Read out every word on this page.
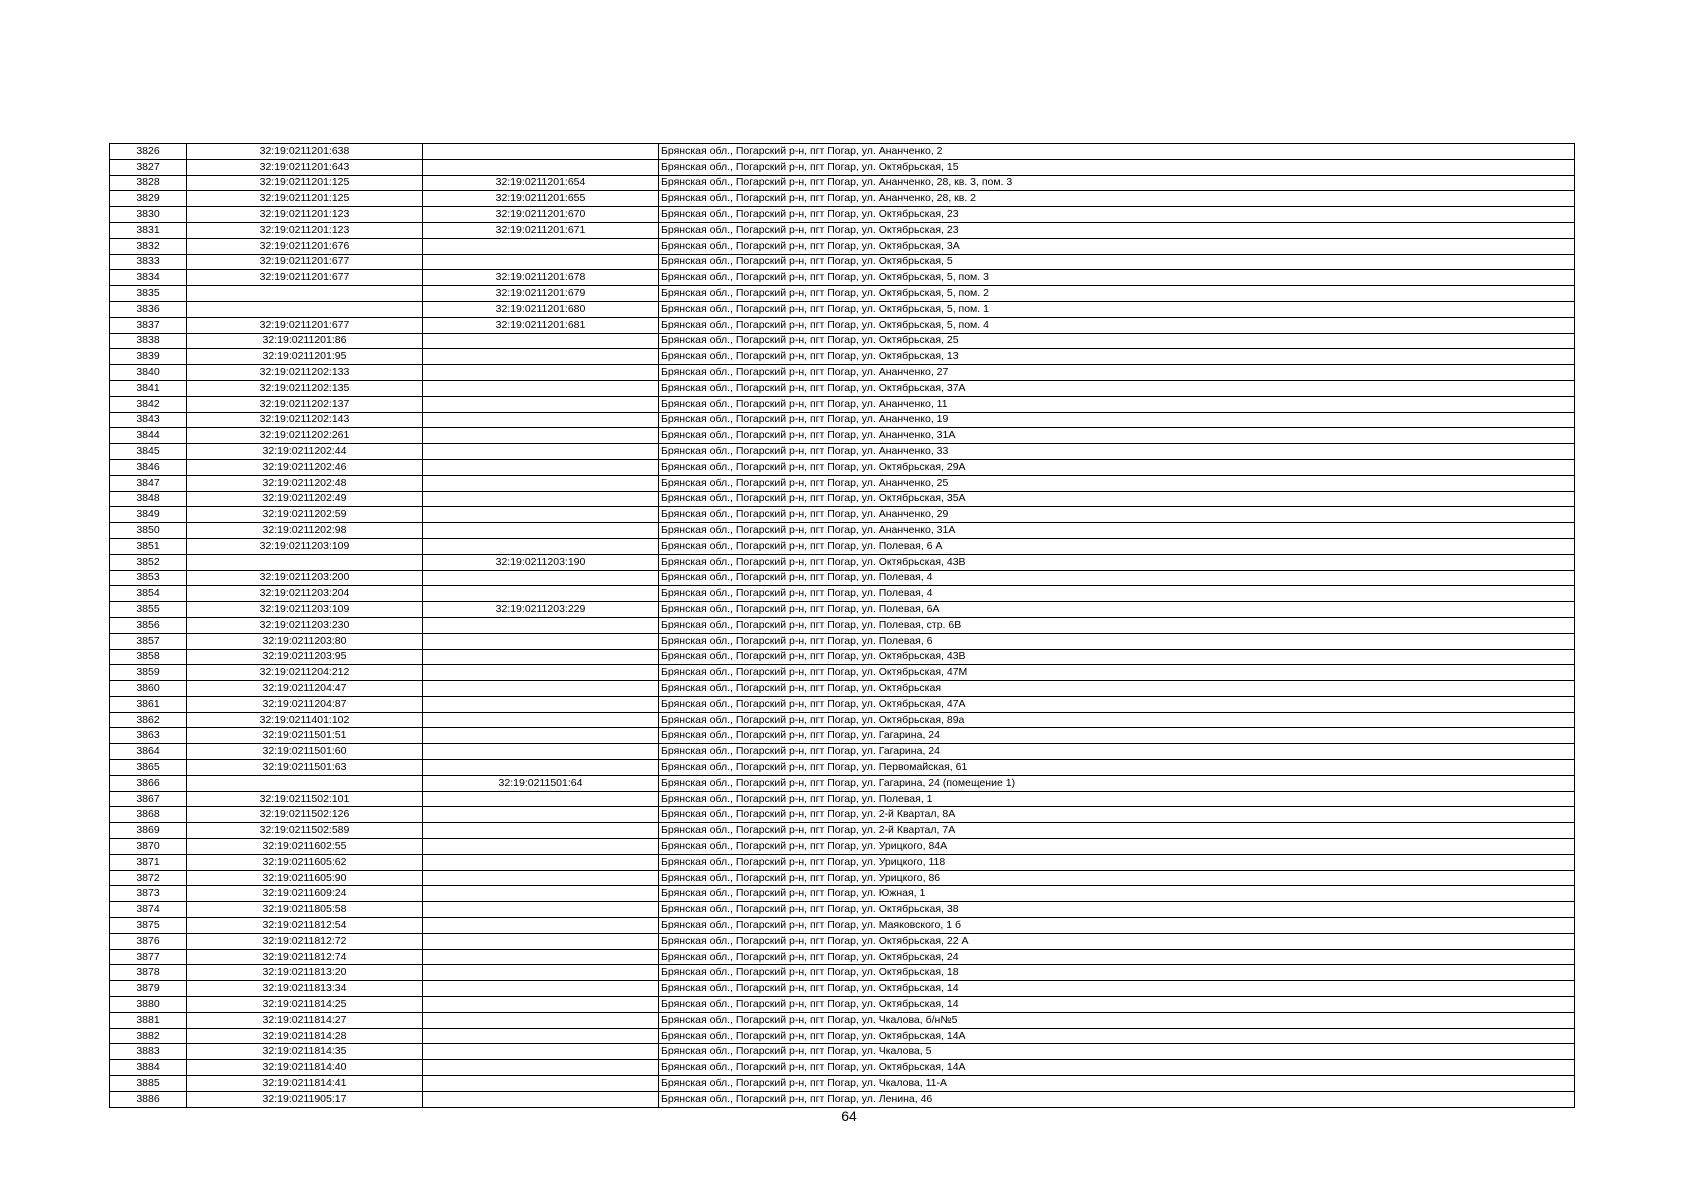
3826	32:19:0211201:638		Брянская обл., Погарский р-н, пгт Погар, ул. Ананченко, 2
3827	32:19:0211201:643		Брянская обл., Погарский р-н, пгт Погар, ул. Октябрьская, 15
3828	32:19:0211201:125	32:19:0211201:654	Брянская обл., Погарский р-н, пгт Погар, ул. Ананченко, 28, кв. 3, пом. 3
3829	32:19:0211201:125	32:19:0211201:655	Брянская обл., Погарский р-н, пгт Погар, ул. Ананченко, 28, кв. 2
3830	32:19:0211201:123	32:19:0211201:670	Брянская обл., Погарский р-н, пгт Погар, ул. Октябрьская, 23
3831	32:19:0211201:123	32:19:0211201:671	Брянская обл., Погарский р-н, пгт Погар, ул. Октябрьская, 23
3832	32:19:0211201:676		Брянская обл., Погарский р-н, пгт Погар, ул. Октябрьская, 3А
3833	32:19:0211201:677		Брянская обл., Погарский р-н, пгт Погар, ул. Октябрьская, 5
3834	32:19:0211201:677	32:19:0211201:678	Брянская обл., Погарский р-н, пгт Погар, ул. Октябрьская, 5, пом. 3
3835		32:19:0211201:679	Брянская обл., Погарский р-н, пгт Погар, ул. Октябрьская, 5, пом. 2
3836		32:19:0211201:680	Брянская обл., Погарский р-н, пгт Погар, ул. Октябрьская, 5, пом. 1
3837	32:19:0211201:677	32:19:0211201:681	Брянская обл., Погарский р-н, пгт Погар, ул. Октябрьская, 5, пом. 4
3838	32:19:0211201:86		Брянская обл., Погарский р-н, пгт Погар, ул. Октябрьская, 25
3839	32:19:0211201:95		Брянская обл., Погарский р-н, пгт Погар, ул. Октябрьская, 13
3840	32:19:0211202:133		Брянская обл., Погарский р-н, пгт Погар, ул. Ананченко, 27
3841	32:19:0211202:135		Брянская обл., Погарский р-н, пгт Погар, ул. Октябрьская, 37А
3842	32:19:0211202:137		Брянская обл., Погарский р-н, пгт Погар, ул. Ананченко, 11
3843	32:19:0211202:143		Брянская обл., Погарский р-н, пгт Погар, ул. Ананченко, 19
3844	32:19:0211202:261		Брянская обл., Погарский р-н, пгт Погар, ул. Ананченко, 31А
3845	32:19:0211202:44		Брянская обл., Погарский р-н, пгт Погар, ул. Ананченко, 33
3846	32:19:0211202:46		Брянская обл., Погарский р-н, пгт Погар, ул. Октябрьская, 29А
3847	32:19:0211202:48		Брянская обл., Погарский р-н, пгт Погар, ул. Ананченко, 25
3848	32:19:0211202:49		Брянская обл., Погарский р-н, пгт Погар, ул. Октябрьская, 35А
3849	32:19:0211202:59		Брянская обл., Погарский р-н, пгт Погар, ул. Ананченко, 29
3850	32:19:0211202:98		Брянская обл., Погарский р-н, пгт Погар, ул. Ананченко, 31А
3851	32:19:0211203:109		Брянская обл., Погарский р-н, пгт Погар, ул. Полевая, 6 А
3852		32:19:0211203:190	Брянская обл., Погарский р-н, пгт Погар, ул. Октябрьская, 43В
3853	32:19:0211203:200		Брянская обл., Погарский р-н, пгт Погар, ул. Полевая, 4
3854	32:19:0211203:204		Брянская обл., Погарский р-н, пгт Погар, ул. Полевая, 4
3855	32:19:0211203:109	32:19:0211203:229	Брянская обл., Погарский р-н, пгт Погар, ул. Полевая, 6А
3856	32:19:0211203:230		Брянская обл., Погарский р-н, пгт Погар, ул. Полевая, стр. 6В
3857	32:19:0211203:80		Брянская обл., Погарский р-н, пгт Погар, ул. Полевая, 6
3858	32:19:0211203:95		Брянская обл., Погарский р-н, пгт Погар, ул. Октябрьская, 43В
3859	32:19:0211204:212		Брянская обл., Погарский р-н, пгт Погар, ул. Октябрьская, 47М
3860	32:19:0211204:47		Брянская обл., Погарский р-н, пгт Погар, ул. Октябрьская
3861	32:19:0211204:87		Брянская обл., Погарский р-н, пгт Погар, ул. Октябрьская, 47А
3862	32:19:0211401:102		Брянская обл., Погарский р-н, пгт Погар, ул. Октябрьская, 89а
3863	32:19:0211501:51		Брянская обл., Погарский р-н, пгт Погар, ул. Гагарина, 24
3864	32:19:0211501:60		Брянская обл., Погарский р-н, пгт Погар, ул. Гагарина, 24
3865	32:19:0211501:63		Брянская обл., Погарский р-н, пгт Погар, ул. Первомайская, 61
3866		32:19:0211501:64	Брянская обл., Погарский р-н, пгт Погар, ул. Гагарина, 24 (помещение 1)
3867	32:19:0211502:101		Брянская обл., Погарский р-н, пгт Погар, ул. Полевая, 1
3868	32:19:0211502:126		Брянская обл., Погарский р-н, пгт Погар, ул. 2-й Квартал, 8А
3869	32:19:0211502:589		Брянская обл., Погарский р-н, пгт Погар, ул. 2-й Квартал, 7А
3870	32:19:0211602:55		Брянская обл., Погарский р-н, пгт Погар, ул. Урицкого, 84А
3871	32:19:0211605:62		Брянская обл., Погарский р-н, пгт Погар, ул. Урицкого, 118
3872	32:19:0211605:90		Брянская обл., Погарский р-н, пгт Погар, ул. Урицкого, 86
3873	32:19:0211609:24		Брянская обл., Погарский р-н, пгт Погар, ул. Южная, 1
3874	32:19:0211805:58		Брянская обл., Погарский р-н, пгт Погар, ул. Октябрьская, 38
3875	32:19:0211812:54		Брянская обл., Погарский р-н, пгт Погар, ул. Маяковского, 1 б
3876	32:19:0211812:72		Брянская обл., Погарский р-н, пгт Погар, ул. Октябрьская, 22 А
3877	32:19:0211812:74		Брянская обл., Погарский р-н, пгт Погар, ул. Октябрьская, 24
3878	32:19:0211813:20		Брянская обл., Погарский р-н, пгт Погар, ул. Октябрьская, 18
3879	32:19:0211813:34		Брянская обл., Погарский р-н, пгт Погар, ул. Октябрьская, 14
3880	32:19:0211814:25		Брянская обл., Погарский р-н, пгт Погар, ул. Октябрьская, 14
3881	32:19:0211814:27		Брянская обл., Погарский р-н, пгт Погар, ул. Чкалова, б/н№5
3882	32:19:0211814:28		Брянская обл., Погарский р-н, пгт Погар, ул. Октябрьская, 14А
3883	32:19:0211814:35		Брянская обл., Погарский р-н, пгт Погар, ул. Чкалова, 5
3884	32:19:0211814:40		Брянская обл., Погарский р-н, пгт Погар, ул. Октябрьская, 14А
3885	32:19:0211814:41		Брянская обл., Погарский р-н, пгт Погар, ул. Чкалова, 11-А
3886	32:19:0211905:17		Брянская обл., Погарский р-н, пгт Погар, ул. Ленина, 46
64
